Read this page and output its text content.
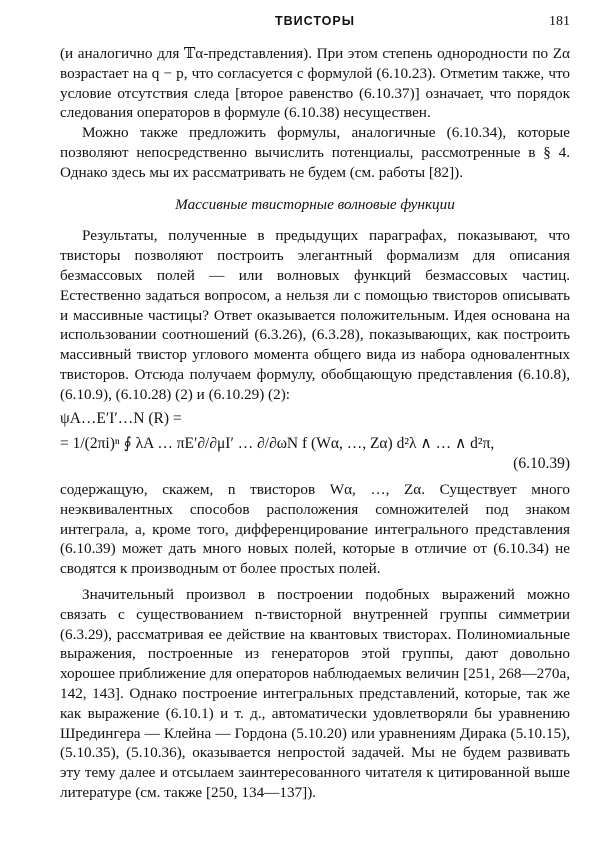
ТВИСТОРЫ	181

(и аналогично для 𝕋α-представления). При этом степень однородности по Zα возрастает на q − p, что согласуется с формулой (6.10.23). Отметим также, что условие отсутствия следа [второе равенство (6.10.37)] означает, что порядок следования операторов в формуле (6.10.38) несуществен.

Можно также предложить формулы, аналогичные (6.10.34), которые позволяют непосредственно вычислить потенциалы, рассмотренные в § 4. Однако здесь мы их рассматривать не будем (см. работы [82]).

Массивные твисторные волновые функции

Результаты, полученные в предыдущих параграфах, показывают, что твисторы позволяют построить элегантный формализм для описания безмассовых полей — или волновых функций безмассовых частиц. Естественно задаться вопросом, а нельзя ли с помощью твисторов описывать и массивные частицы? Ответ оказывается положительным. Идея основана на использовании соотношений (6.3.26), (6.3.28), показывающих, как построить массивный твистор углового момента общего вида из набора одновалентных твисторов. Отсюда получаем формулу, обобщающую представления (6.10.8), (6.10.9), (6.10.28) (2) и (6.10.29) (2):

ψA…E′I′…N (R) =
= 1/(2πi)ⁿ ∮ λA … πE′∂/∂μI′ … ∂/∂ωN f (Wα, …, Zα) d²λ ∧ … ∧ d²π,
(6.10.39)

содержащую, скажем, n твисторов Wα, …, Zα. Существует много неэквивалентных способов расположения сомножителей под знаком интеграла, а, кроме того, дифференцирование интегрального представления (6.10.39) может дать много новых полей, которые в отличие от (6.10.34) не сводятся к производным от более простых полей.

Значительный произвол в построении подобных выражений можно связать с существованием n-твисторной внутренней группы симметрии (6.3.29), рассматривая ее действие на квантовых твисторах. Полиномиальные выражения, построенные из генераторов этой группы, дают довольно хорошее приближение для операторов наблюдаемых величин [251, 268—270а, 142, 143]. Однако построение интегральных представлений, которые, так же как выражение (6.10.1) и т. д., автоматически удовлетворяли бы уравнению Шредингера — Клейна — Гордона (5.10.20) или уравнениям Дирака (5.10.15), (5.10.35), (5.10.36), оказывается непростой задачей. Мы не будем развивать эту тему далее и отсылаем заинтересованного читателя к цитированной выше литературе (см. также [250, 134—137]).
